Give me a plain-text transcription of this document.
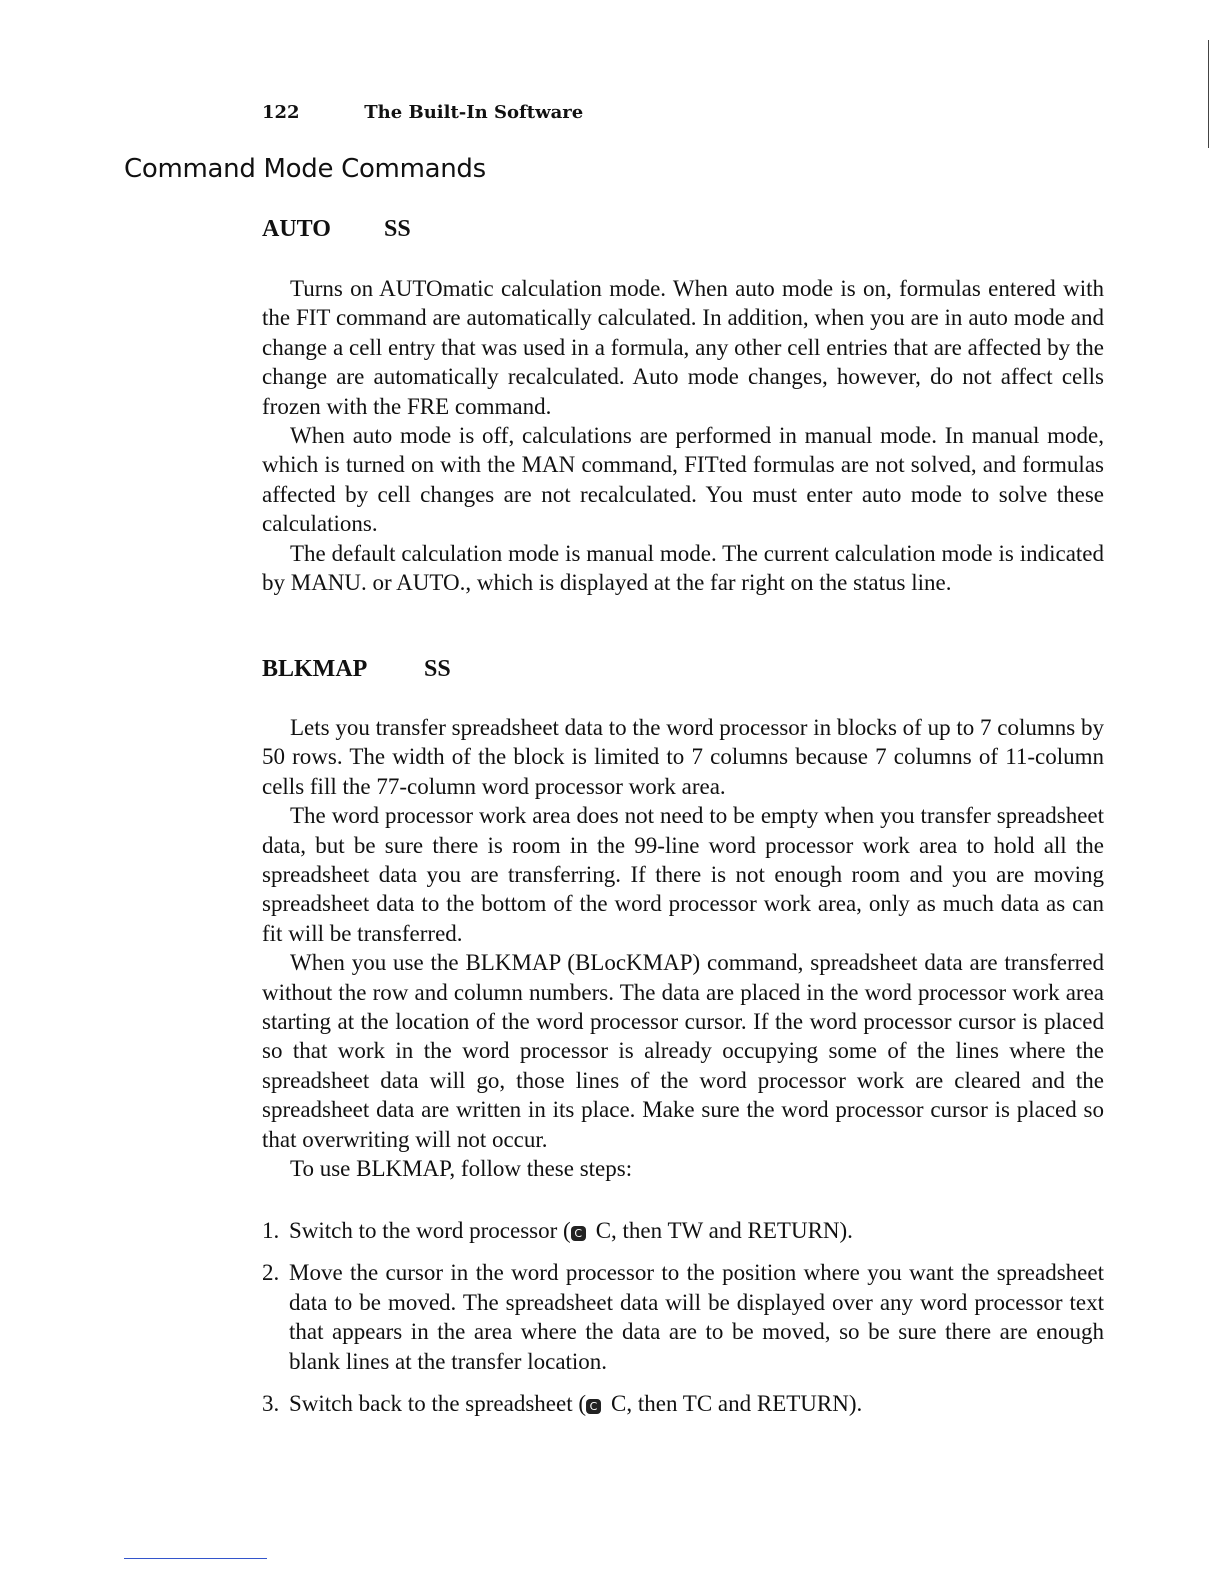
122	The Built-In Software
Command Mode Commands
AUTO SS

Turns on AUTOmatic calculation mode. When auto mode is on, formulas entered with the FIT command are automatically calculated. In addition, when you are in auto mode and change a cell entry that was used in a formula, any other cell entries that are affected by the change are automatically recalculated. Auto mode changes, however, do not affect cells frozen with the FRE command.

When auto mode is off, calculations are performed in manual mode. In manual mode, which is turned on with the MAN command, FITted formulas are not solved, and formulas affected by cell changes are not recalculated. You must enter auto mode to solve these calculations.

The default calculation mode is manual mode. The current calculation mode is indicated by MANU. or AUTO., which is displayed at the far right on the status line.

BLKMAP SS

Lets you transfer spreadsheet data to the word processor in blocks of up to 7 columns by 50 rows. The width of the block is limited to 7 columns because 7 columns of 11-column cells fill the 77-column word processor work area.

The word processor work area does not need to be empty when you transfer spreadsheet data, but be sure there is room in the 99-line word processor work area to hold all the spreadsheet data you are transferring. If there is not enough room and you are moving spreadsheet data to the bottom of the word processor work area, only as much data as can fit will be transferred.

When you use the BLKMAP (BLocKMAP) command, spreadsheet data are transferred without the row and column numbers. The data are placed in the word processor work area starting at the location of the word processor cursor. If the word processor cursor is placed so that work in the word processor is already occupying some of the lines where the spreadsheet data will go, those lines of the word processor work are cleared and the spreadsheet data are written in its place. Make sure the word processor cursor is placed so that overwriting will not occur.

To use BLKMAP, follow these steps:

1. Switch to the word processor ( C C, then TW and RETURN).
2. Move the cursor in the word processor to the position where you want the spreadsheet data to be moved. The spreadsheet data will be displayed over any word processor text that appears in the area where the data are to be moved, so be sure there are enough blank lines at the transfer location.
3. Switch back to the spreadsheet ( C C, then TC and RETURN).
